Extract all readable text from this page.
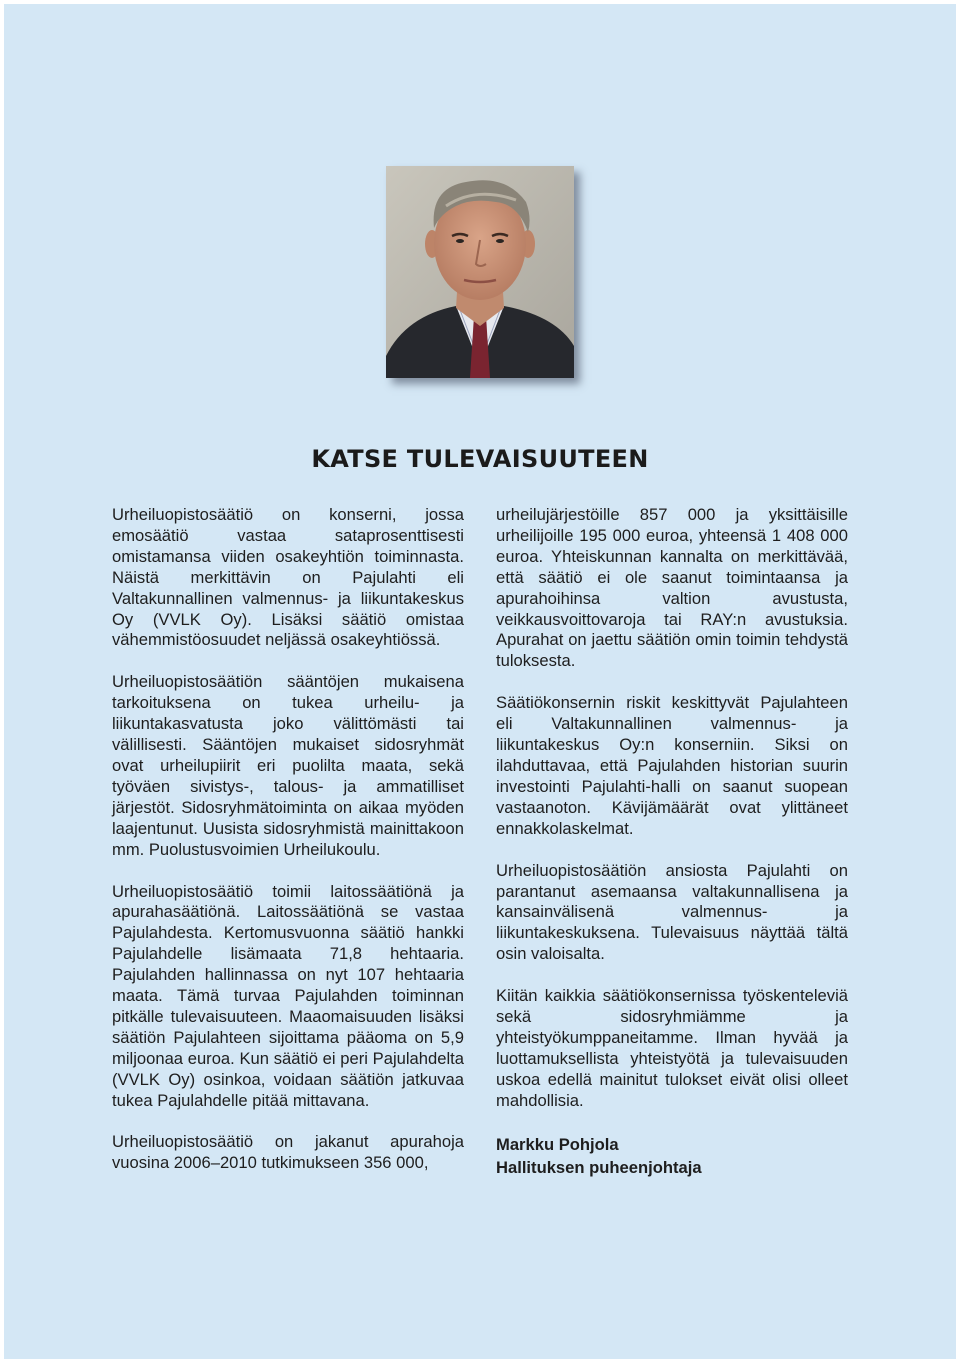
KATSE TULEVAISUUTEEN

Urheiluopistosäätiö on konserni, jossa emosäätiö vastaa sataprosenttisesti omistamansa viiden osakeyhtiön toiminnasta. Näistä merkittävin on Pajulahti eli Valtakunnallinen valmennus- ja liikuntakeskus Oy (VVLK Oy). Lisäksi säätiö omistaa vähemmistöosuudet neljässä osakeyhtiössä.

Urheiluopistosäätiön sääntöjen mukaisena tarkoituksena on tukea urheilu- ja liikuntakasvatusta joko välittömästi tai välillisesti. Sääntöjen mukaiset sidosryhmät ovat urheilupiirit eri puolilta maata, sekä työväen sivistys-, talous- ja ammatilliset järjestöt. Sidosryhmätoiminta on aikaa myöden laajentunut. Uusista sidosryhmistä mainittakoon mm. Puolustusvoimien Urheilukoulu.

Urheiluopistosäätiö toimii laitossäätiönä ja apurahasäätiönä. Laitossäätiönä se vastaa Pajulahdesta. Kertomusvuonna säätiö hankki Pajulahdelle lisämaata 71,8 hehtaaria. Pajulahden hallinnassa on nyt 107 hehtaaria maata. Tämä turvaa Pajulahden toiminnan pitkälle tulevaisuuteen. Maaomaisuuden lisäksi säätiön Pajulahteen sijoittama pääoma on 5,9 miljoonaa euroa. Kun säätiö ei peri Pajulahdelta (VVLK Oy) osinkoa, voidaan säätiön jatkuvaa tukea Pajulahdelle pitää mittavana.

Urheiluopistosäätiö on jakanut apurahoja vuosina 2006–2010 tutkimukseen 356 000,

urheilujärjestöille 857 000 ja yksittäisille urheilijoille 195 000 euroa, yhteensä 1 408 000 euroa. Yhteiskunnan kannalta on merkittävää, että säätiö ei ole saanut toimintaansa ja apurahoihinsa valtion avustusta, veikkausvoittovaroja tai RAY:n avustuksia. Apurahat on jaettu säätiön omin toimin tehdystä tuloksesta.

Säätiökonsernin riskit keskittyvät Pajulahteen eli Valtakunnallinen valmennus- ja liikuntakeskus Oy:n konserniin. Siksi on ilahduttavaa, että Pajulahden historian suurin investointi Pajulahti-halli on saanut suopean vastaanoton. Kävijämäärät ovat ylittäneet ennakkolaskelmat.

Urheiluopistosäätiön ansiosta Pajulahti on parantanut asemaansa valtakunnallisena ja kansainvälisenä valmennus- ja liikuntakeskuksena. Tulevaisuus näyttää tältä osin valoisalta.

Kiitän kaikkia säätiökonsernissa työskenteleviä sekä sidosryhmiämme ja yhteistyökumppaneitamme. Ilman hyvää ja luottamuksellista yhteistyötä ja tulevaisuuden uskoa edellä mainitut tulokset eivät olisi olleet mahdollisia.

Markku Pohjola
Hallituksen puheenjohtaja
